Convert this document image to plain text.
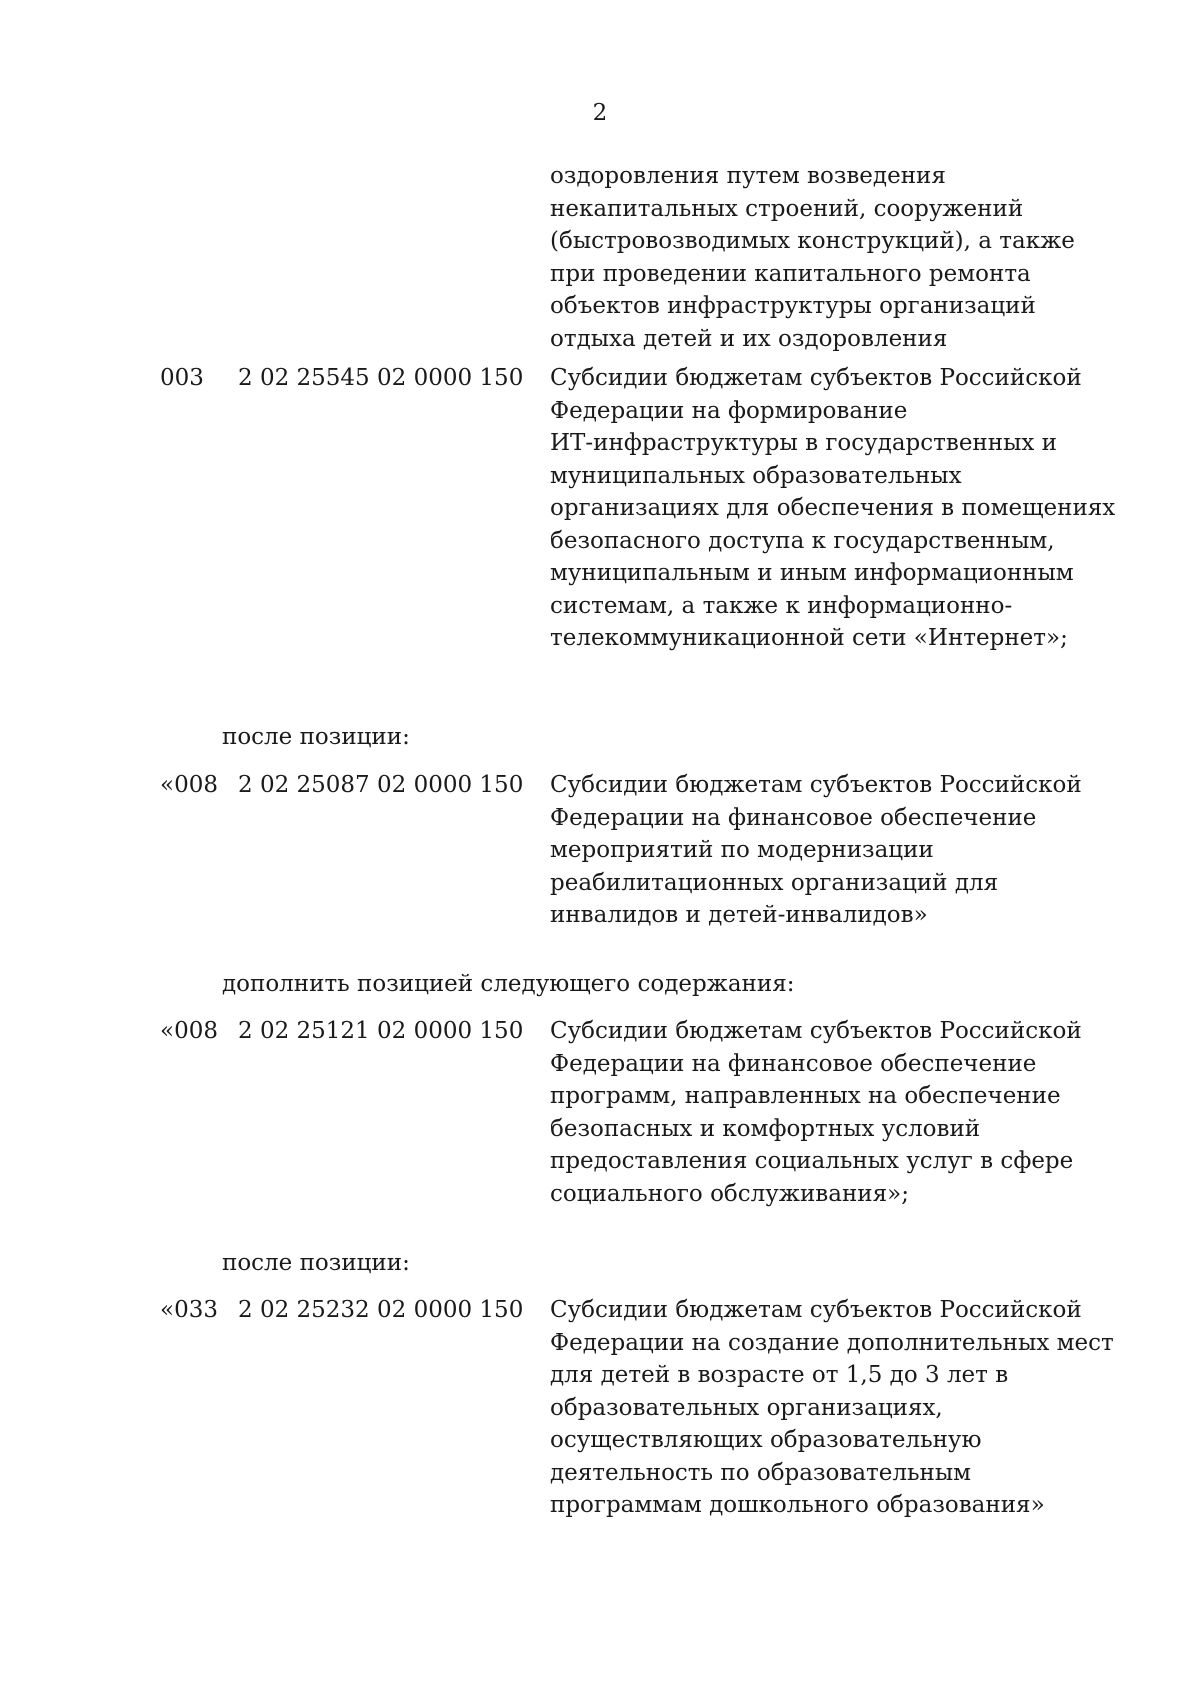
2
оздоровления путем возведения
некапитальных строений, сооружений
(быстровозводимых конструкций), а также
при проведении капитального ремонта
объектов инфраструктуры организаций
отдыха детей и их оздоровления
003 2 02 25545 02 0000 150 Субсидии бюджетам субъектов Российской
Федерации на формирование
ИТ-инфраструктуры в государственных и
муниципальных образовательных
организациях для обеспечения в помещениях
безопасного доступа к государственным,
муниципальным и иным информационным
системам, а также к информационно-
телекоммуникационной сети «Интернет»;
после позиции:
«008 2 02 25087 02 0000 150 Субсидии бюджетам субъектов Российской
Федерации на финансовое обеспечение
мероприятий по модернизации
реабилитационных организаций для
инвалидов и детей-инвалидов»
дополнить позицией следующего содержания:
«008 2 02 25121 02 0000 150 Субсидии бюджетам субъектов Российской
Федерации на финансовое обеспечение
программ, направленных на обеспечение
безопасных и комфортных условий
предоставления социальных услуг в сфере
социального обслуживания»;
после позиции:
«033 2 02 25232 02 0000 150 Субсидии бюджетам субъектов Российской
Федерации на создание дополнительных мест
для детей в возрасте от 1,5 до 3 лет в
образовательных организациях,
осуществляющих образовательную
деятельность по образовательным
программам дошкольного образования»
